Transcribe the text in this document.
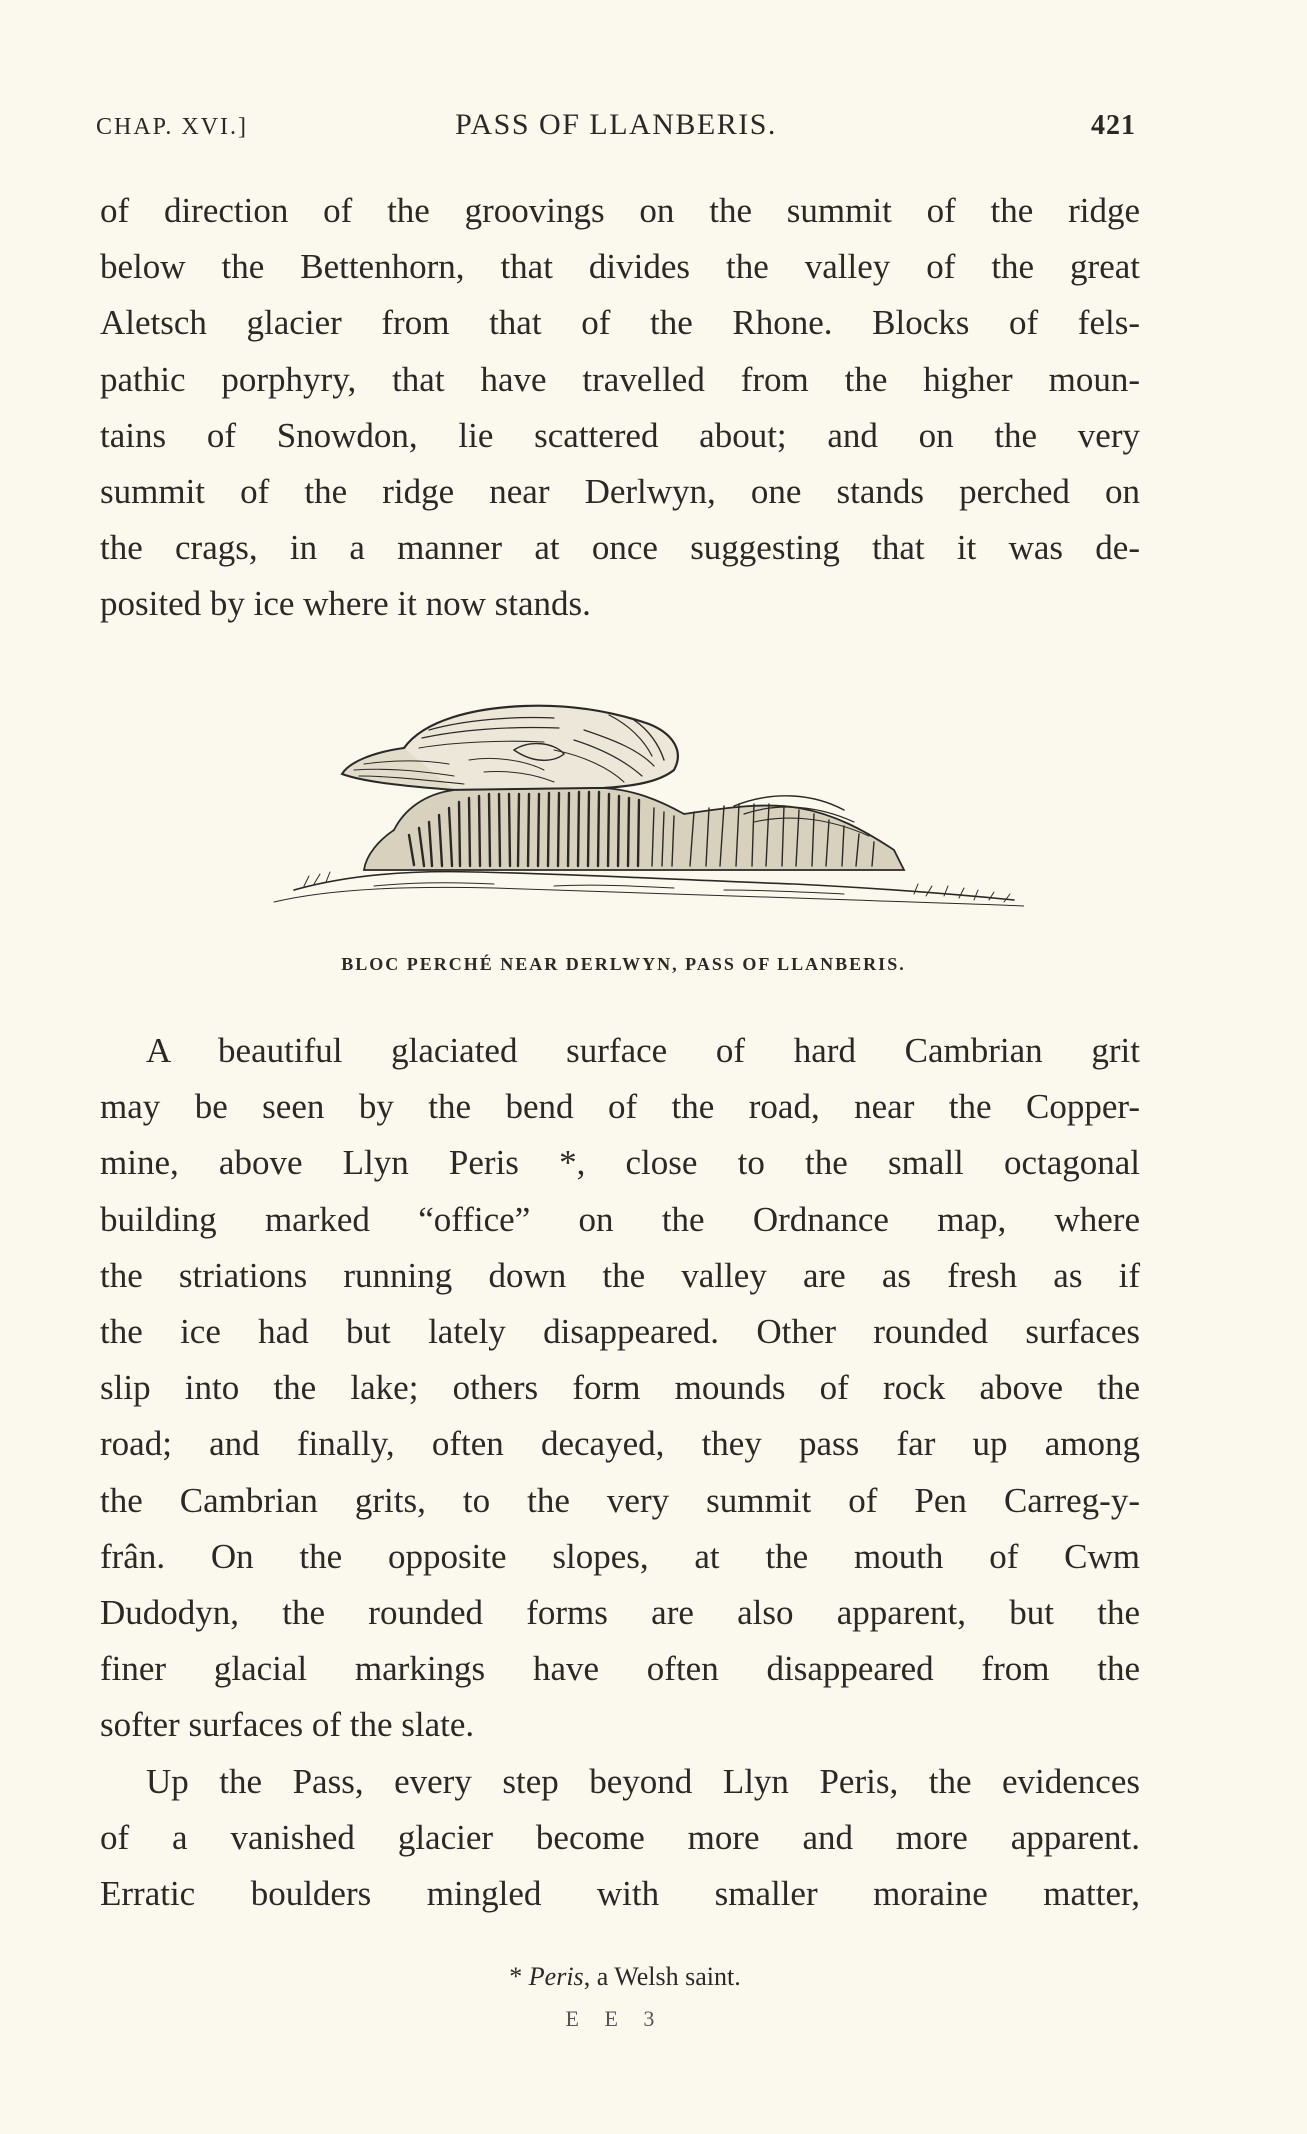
CHAP. XVI.]	PASS OF LLANBERIS.	421
of direction of the groovings on the summit of the ridge
below the Bettenhorn, that divides the valley of the great
Aletsch glacier from that of the Rhone. Blocks of fels-
pathic porphyry, that have travelled from the higher moun-
tains of Snowdon, lie scattered about; and on the very
summit of the ridge near Derlwyn, one stands perched on
the crags, in a manner at once suggesting that it was de-
posited by ice where it now stands.
BLOC PERCHÉ NEAR DERLWYN, PASS OF LLANBERIS.
A beautiful glaciated surface of hard Cambrian grit
may be seen by the bend of the road, near the Copper-
mine, above Llyn Peris *, close to the small octagonal
building marked “office” on the Ordnance map, where
the striations running down the valley are as fresh as if
the ice had but lately disappeared. Other rounded surfaces
slip into the lake; others form mounds of rock above the
road; and finally, often decayed, they pass far up among
the Cambrian grits, to the very summit of Pen Carreg-y-
frân. On the opposite slopes, at the mouth of Cwm
Dudodyn, the rounded forms are also apparent, but the
finer glacial markings have often disappeared from the
softer surfaces of the slate.
Up the Pass, every step beyond Llyn Peris, the evidences
of a vanished glacier become more and more apparent.
Erratic boulders mingled with smaller moraine matter,
* Peris, a Welsh saint.
E E 3
